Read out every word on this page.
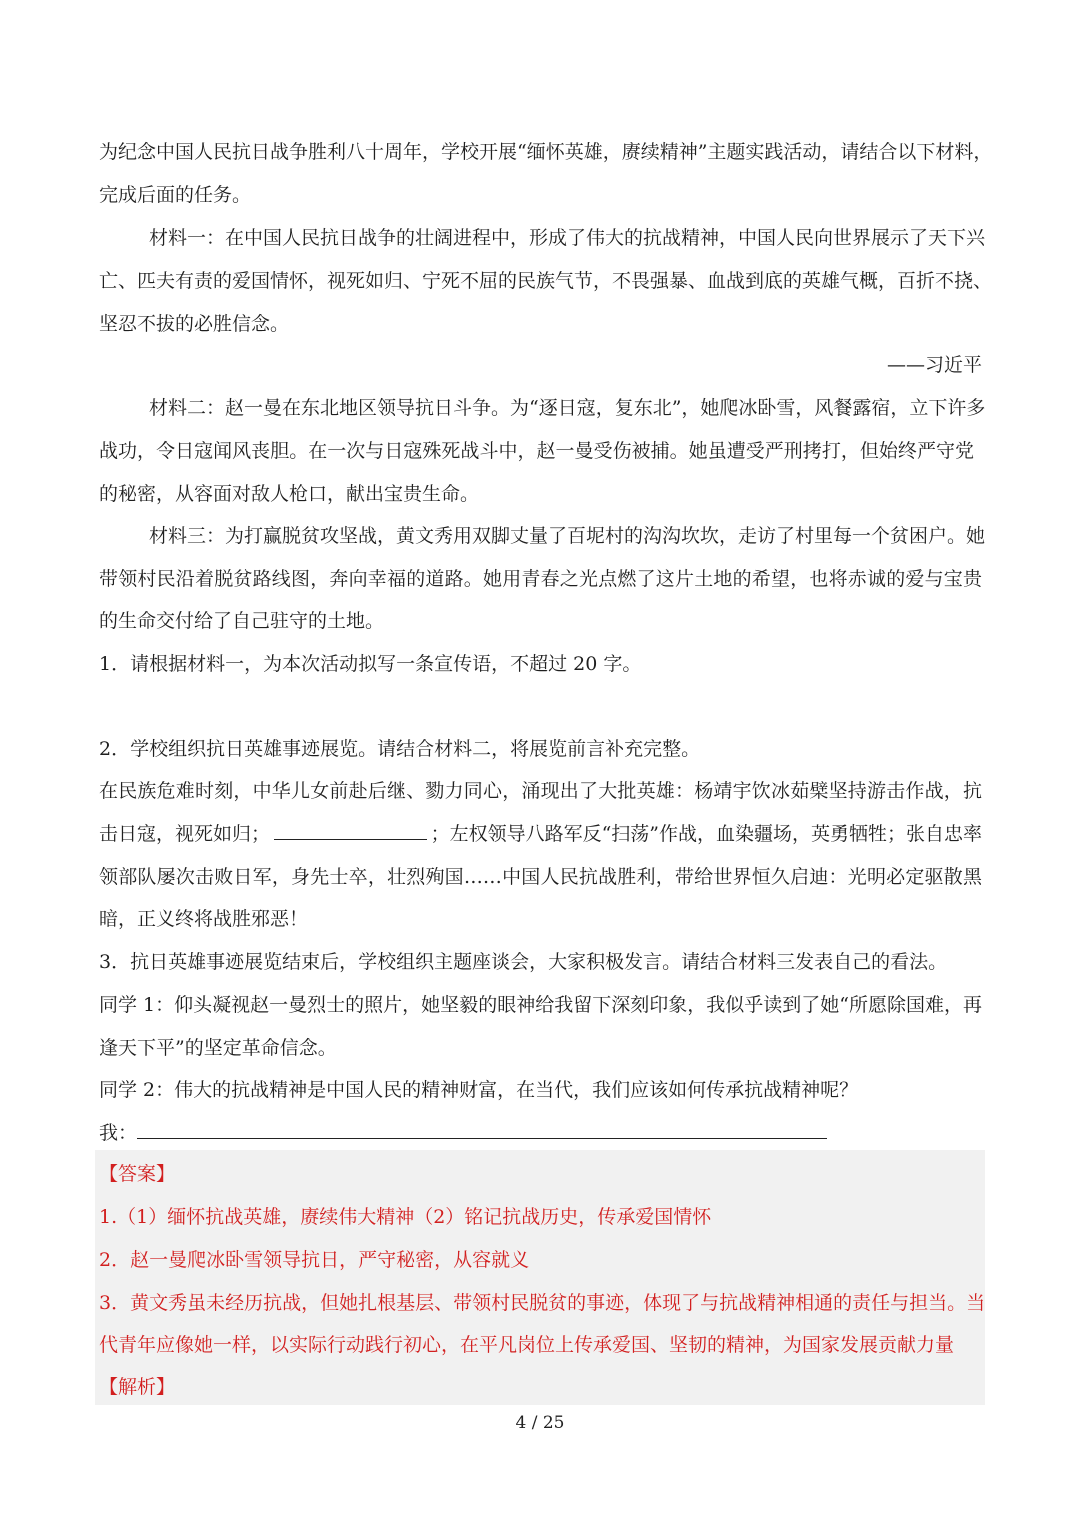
为纪念中国人民抗日战争胜利八十周年，学校开展“缅怀英雄，赓续精神”主题实践活动，请结合以下材料，
完成后面的任务。
材料一：在中国人民抗日战争的壮阔进程中，形成了伟大的抗战精神，中国人民向世界展示了天下兴
亡、匹夫有责的爱国情怀，视死如归、宁死不屈的民族气节，不畏强暴、血战到底的英雄气概，百折不挠、
坚忍不拔的必胜信念。
——习近平
材料二：赵一曼在东北地区领导抗日斗争。为“逐日寇，复东北”，她爬冰卧雪，风餐露宿，立下许多
战功，令日寇闻风丧胆。在一次与日寇殊死战斗中，赵一曼受伤被捕。她虽遭受严刑拷打，但始终严守党
的秘密，从容面对敌人枪口，献出宝贵生命。
材料三：为打赢脱贫攻坚战，黄文秀用双脚丈量了百坭村的沟沟坎坎，走访了村里每一个贫困户。她
带领村民沿着脱贫路线图，奔向幸福的道路。她用青春之光点燃了这片土地的希望，也将赤诚的爱与宝贵
的生命交付给了自己驻守的土地。
1．请根据材料一，为本次活动拟写一条宣传语，不超过 20 字。
2．学校组织抗日英雄事迹展览。请结合材料二，将展览前言补充完整。
在民族危难时刻，中华儿女前赴后继、勠力同心，涌现出了大批英雄：杨靖宇饮冰茹檗坚持游击作战，抗
击日寇，视死如归；	；左权领导八路军反“扫荡”作战，血染疆场，英勇牺牲；张自忠率
领部队屡次击败日军，身先士卒，壮烈殉国……中国人民抗战胜利，带给世界恒久启迪：光明必定驱散黑
暗，正义终将战胜邪恶！
3．抗日英雄事迹展览结束后，学校组织主题座谈会，大家积极发言。请结合材料三发表自己的看法。
同学 1：仰头凝视赵一曼烈士的照片，她坚毅的眼神给我留下深刻印象，我似乎读到了她“所愿除国难，再
逢天下平”的坚定革命信念。
同学 2：伟大的抗战精神是中国人民的精神财富，在当代，我们应该如何传承抗战精神呢？
我：
【答案】
1.（1）缅怀抗战英雄，赓续伟大精神（2）铭记抗战历史，传承爱国情怀
2．赵一曼爬冰卧雪领导抗日，严守秘密，从容就义
3．黄文秀虽未经历抗战，但她扎根基层、带领村民脱贫的事迹，体现了与抗战精神相通的责任与担当。当
代青年应像她一样，以实际行动践行初心，在平凡岗位上传承爱国、坚韧的精神，为国家发展贡献力量
【解析】
4 / 25
